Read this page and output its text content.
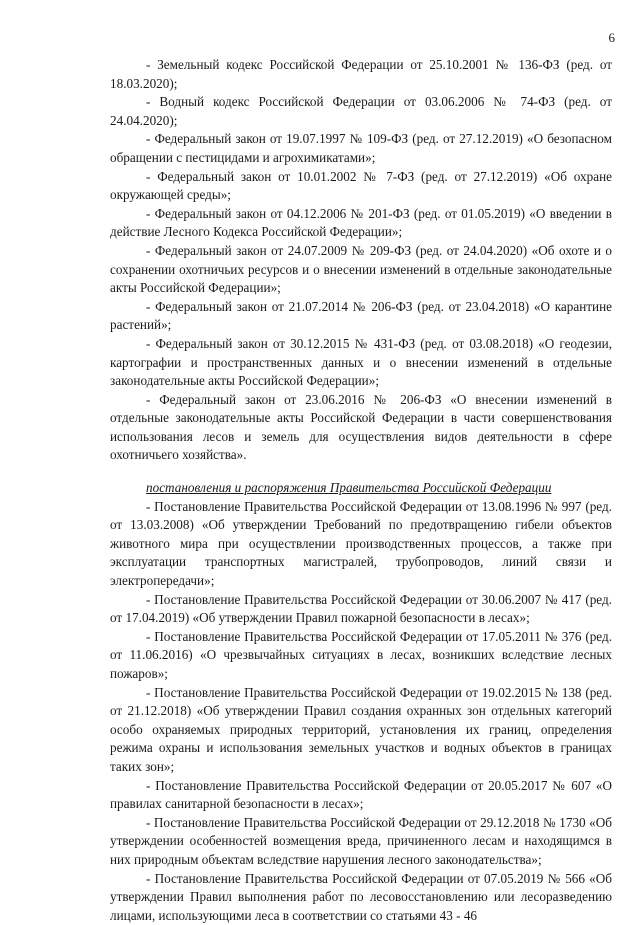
6

- Земельный кодекс Российской Федерации от 25.10.2001 № 136-ФЗ (ред. от 18.03.2020);

- Водный кодекс Российской Федерации от 03.06.2006 № 74-ФЗ (ред. от 24.04.2020);

- Федеральный закон от 19.07.1997 № 109-ФЗ (ред. от 27.12.2019) «О безопасном обращении с пестицидами и агрохимикатами»;

- Федеральный закон от 10.01.2002 № 7-ФЗ (ред. от 27.12.2019) «Об охране окружающей среды»;

- Федеральный закон от 04.12.2006 № 201-ФЗ (ред. от 01.05.2019) «О введении в действие Лесного Кодекса Российской Федерации»;

- Федеральный закон от 24.07.2009 № 209-ФЗ (ред. от 24.04.2020) «Об охоте и о сохранении охотничьих ресурсов и о внесении изменений в отдельные законодательные акты Российской Федерации»;

- Федеральный закон от 21.07.2014 № 206-ФЗ (ред. от 23.04.2018) «О карантине растений»;

- Федеральный закон от 30.12.2015 № 431-ФЗ (ред. от 03.08.2018) «О геодезии, картографии и пространственных данных и о внесении изменений в отдельные законодательные акты Российской Федерации»;

- Федеральный закон от 23.06.2016 № 206-ФЗ «О внесении изменений в отдельные законодательные акты Российской Федерации в части совершенствования использования лесов и земель для осуществления видов деятельности в сфере охотничьего хозяйства».

постановления и распоряжения Правительства Российской Федерации

- Постановление Правительства Российской Федерации от 13.08.1996 № 997 (ред. от 13.03.2008) «Об утверждении Требований по предотвращению гибели объектов животного мира при осуществлении производственных процессов, а также при эксплуатации транспортных магистралей, трубопроводов, линий связи и электропередачи»;

- Постановление Правительства Российской Федерации от 30.06.2007 № 417 (ред. от 17.04.2019) «Об утверждении Правил пожарной безопасности в лесах»;

- Постановление Правительства Российской Федерации от 17.05.2011 № 376 (ред. от 11.06.2016) «О чрезвычайных ситуациях в лесах, возникших вследствие лесных пожаров»;

- Постановление Правительства Российской Федерации от 19.02.2015 № 138 (ред. от 21.12.2018) «Об утверждении Правил создания охранных зон отдельных категорий особо охраняемых природных территорий, установления их границ, определения режима охраны и использования земельных участков и водных объектов в границах таких зон»;

- Постановление Правительства Российской Федерации от 20.05.2017 № 607 «О правилах санитарной безопасности в лесах»;

- Постановление Правительства Российской Федерации от 29.12.2018 № 1730 «Об утверждении особенностей возмещения вреда, причиненного лесам и находящимся в них природным объектам вследствие нарушения лесного законодательства»;

- Постановление Правительства Российской Федерации от 07.05.2019 № 566 «Об утверждении Правил выполнения работ по лесовосстановлению или лесоразведению лицами, использующими леса в соответствии со статьями 43 - 46
